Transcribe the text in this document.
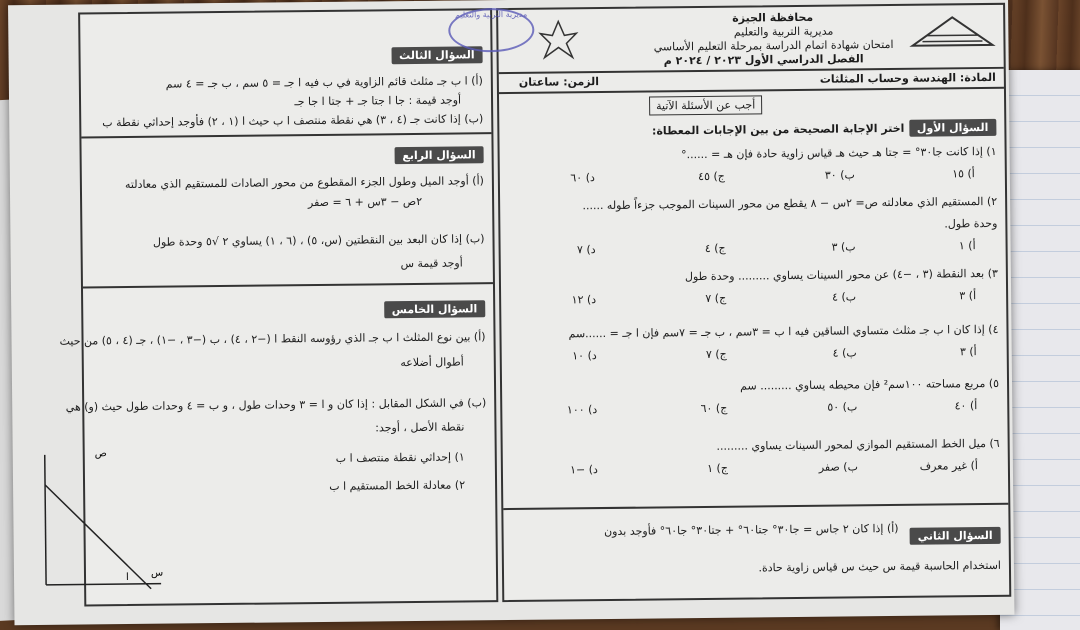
السؤال الثالث
(أ) ا ب جـ مثلث قائم الزاوية في ب فيه ا جـ = ٥ سم ، ب جـ = ٤ سم
أوجد قيمة : جا ا جتا جـ + جتا ا جا جـ
(ب) إذا كانت جـ (٤ ، ٣) هي نقطة منتصف ا ب حيث ا (١ ، ٢) فأوجد إحداثي نقطة ب
السؤال الرابع
(أ) أوجد الميل وطول الجزء المقطوع من محور الصادات للمستقيم الذي معادلته
٢ص − ٣س + ٦ = صفر
(ب) إذا كان البعد بين النقطتين (س، ٥) ، (٦ ، ١) يساوي ٢ √٥ وحدة طول
أوجد قيمة س
السؤال الخامس
(أ) بين نوع المثلث ا ب جـ الذي رؤوسه النقط ا (−٢ ، ٤) ، ب (−٣ ، −١) ، جـ (٤ ، ٥) من حيث
أطوال أضلاعه
(ب) في الشكل المقابل : إذا كان و ا = ٣ وحدات طول ، و ب = ٤ وحدات طول حيث (و) هي
نقطة الأصل ، أوجد:
١) إحداثي نقطة منتصف ا ب
٢) معادلة الخط المستقيم ا ب
ص
س
ا
محافظة الجيزة
مديرية التربية والتعليم
امتحان شهادة اتمام الدراسة بمرحلة التعليم الأساسي
الفصل الدراسي الأول ٢٠٢٣ / ٢٠٢٤ م
مديرية التربية والتعليم
المادة: الهندسة وحساب المثلثات
الزمن: ساعتان
أجب عن الأسئلة الآتية
السؤال الأول
اختر الإجابة الصحيحة من بين الإجابات المعطاة:
١) إذا كانت جا٣٠° = جتا هـ حيث هـ قياس زاوية حادة فإن هـ = ......°
أ) ١٥
ب) ٣٠
ج) ٤٥
د) ٦٠
٢) المستقيم الذي معادلته ص= ٢س − ٨ يقطع من محور السينات الموجب جزءاً طوله ......
وحدة طول.
أ) ١
ب) ٣
ج) ٤
د) ٧
٣) بعد النقطة (٣ ، −٤) عن محور السينات يساوي ......... وحدة طول
أ) ٣
ب) ٤
ج) ٧
د) ١٢
٤) إذا كان ا ب جـ مثلث متساوي الساقين فيه ا ب = ٣سم ، ب جـ = ٧سم فإن ا جـ = ......سم
أ) ٣
ب) ٤
ج) ٧
د) ١٠
٥) مربع مساحته ١٠٠سم² فإن محيطه يساوي ......... سم
أ) ٤٠
ب) ٥٠
ج) ٦٠
د) ١٠٠
٦) ميل الخط المستقيم الموازي لمحور السينات يساوي .........
أ) غير معرف
ب) صفر
ج) ١
د) −١
السؤال الثاني
(أ) إذا كان ٢ جاس = جا٣٠° جتا٦٠° + جتا٣٠° جا٦٠° فأوجد بدون
استخدام الحاسبة قيمة س حيث س قياس زاوية حادة.
